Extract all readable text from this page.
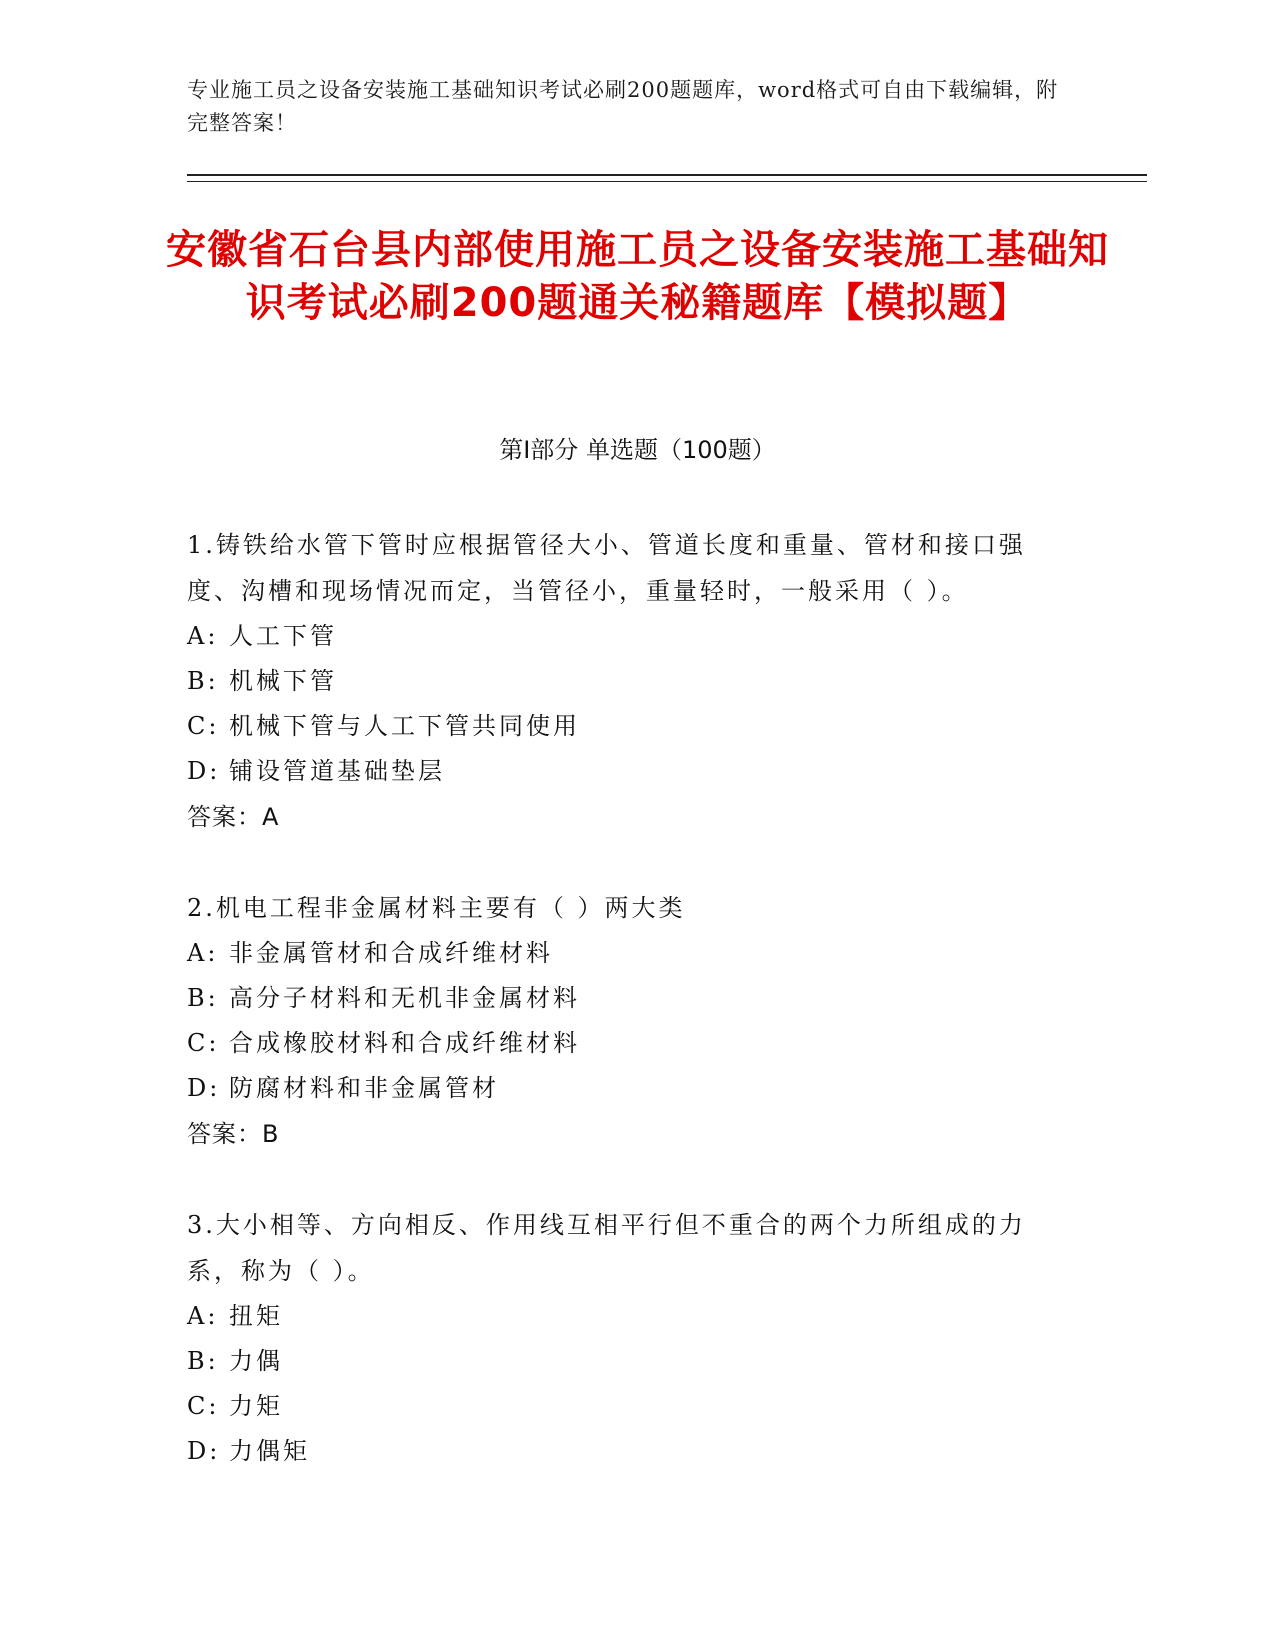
专业施工员之设备安装施工基础知识考试必刷200题题库，word格式可自由下载编辑，附完整答案！
安徽省石台县内部使用施工员之设备安装施工基础知识考试必刷200题通关秘籍题库【模拟题】
第I部分 单选题（100题）
1.铸铁给水管下管时应根据管径大小、管道长度和重量、管材和接口强度、沟槽和现场情况而定，当管径小，重量轻时，一般采用（ ）。
A: 人工下管
B: 机械下管
C: 机械下管与人工下管共同使用
D: 铺设管道基础垫层
答案：A
2.机电工程非金属材料主要有（ ）两大类
A: 非金属管材和合成纤维材料
B: 高分子材料和无机非金属材料
C: 合成橡胶材料和合成纤维材料
D: 防腐材料和非金属管材
答案：B
3.大小相等、方向相反、作用线互相平行但不重合的两个力所组成的力系，称为（ ）。
A: 扭矩
B: 力偶
C: 力矩
D: 力偶矩
